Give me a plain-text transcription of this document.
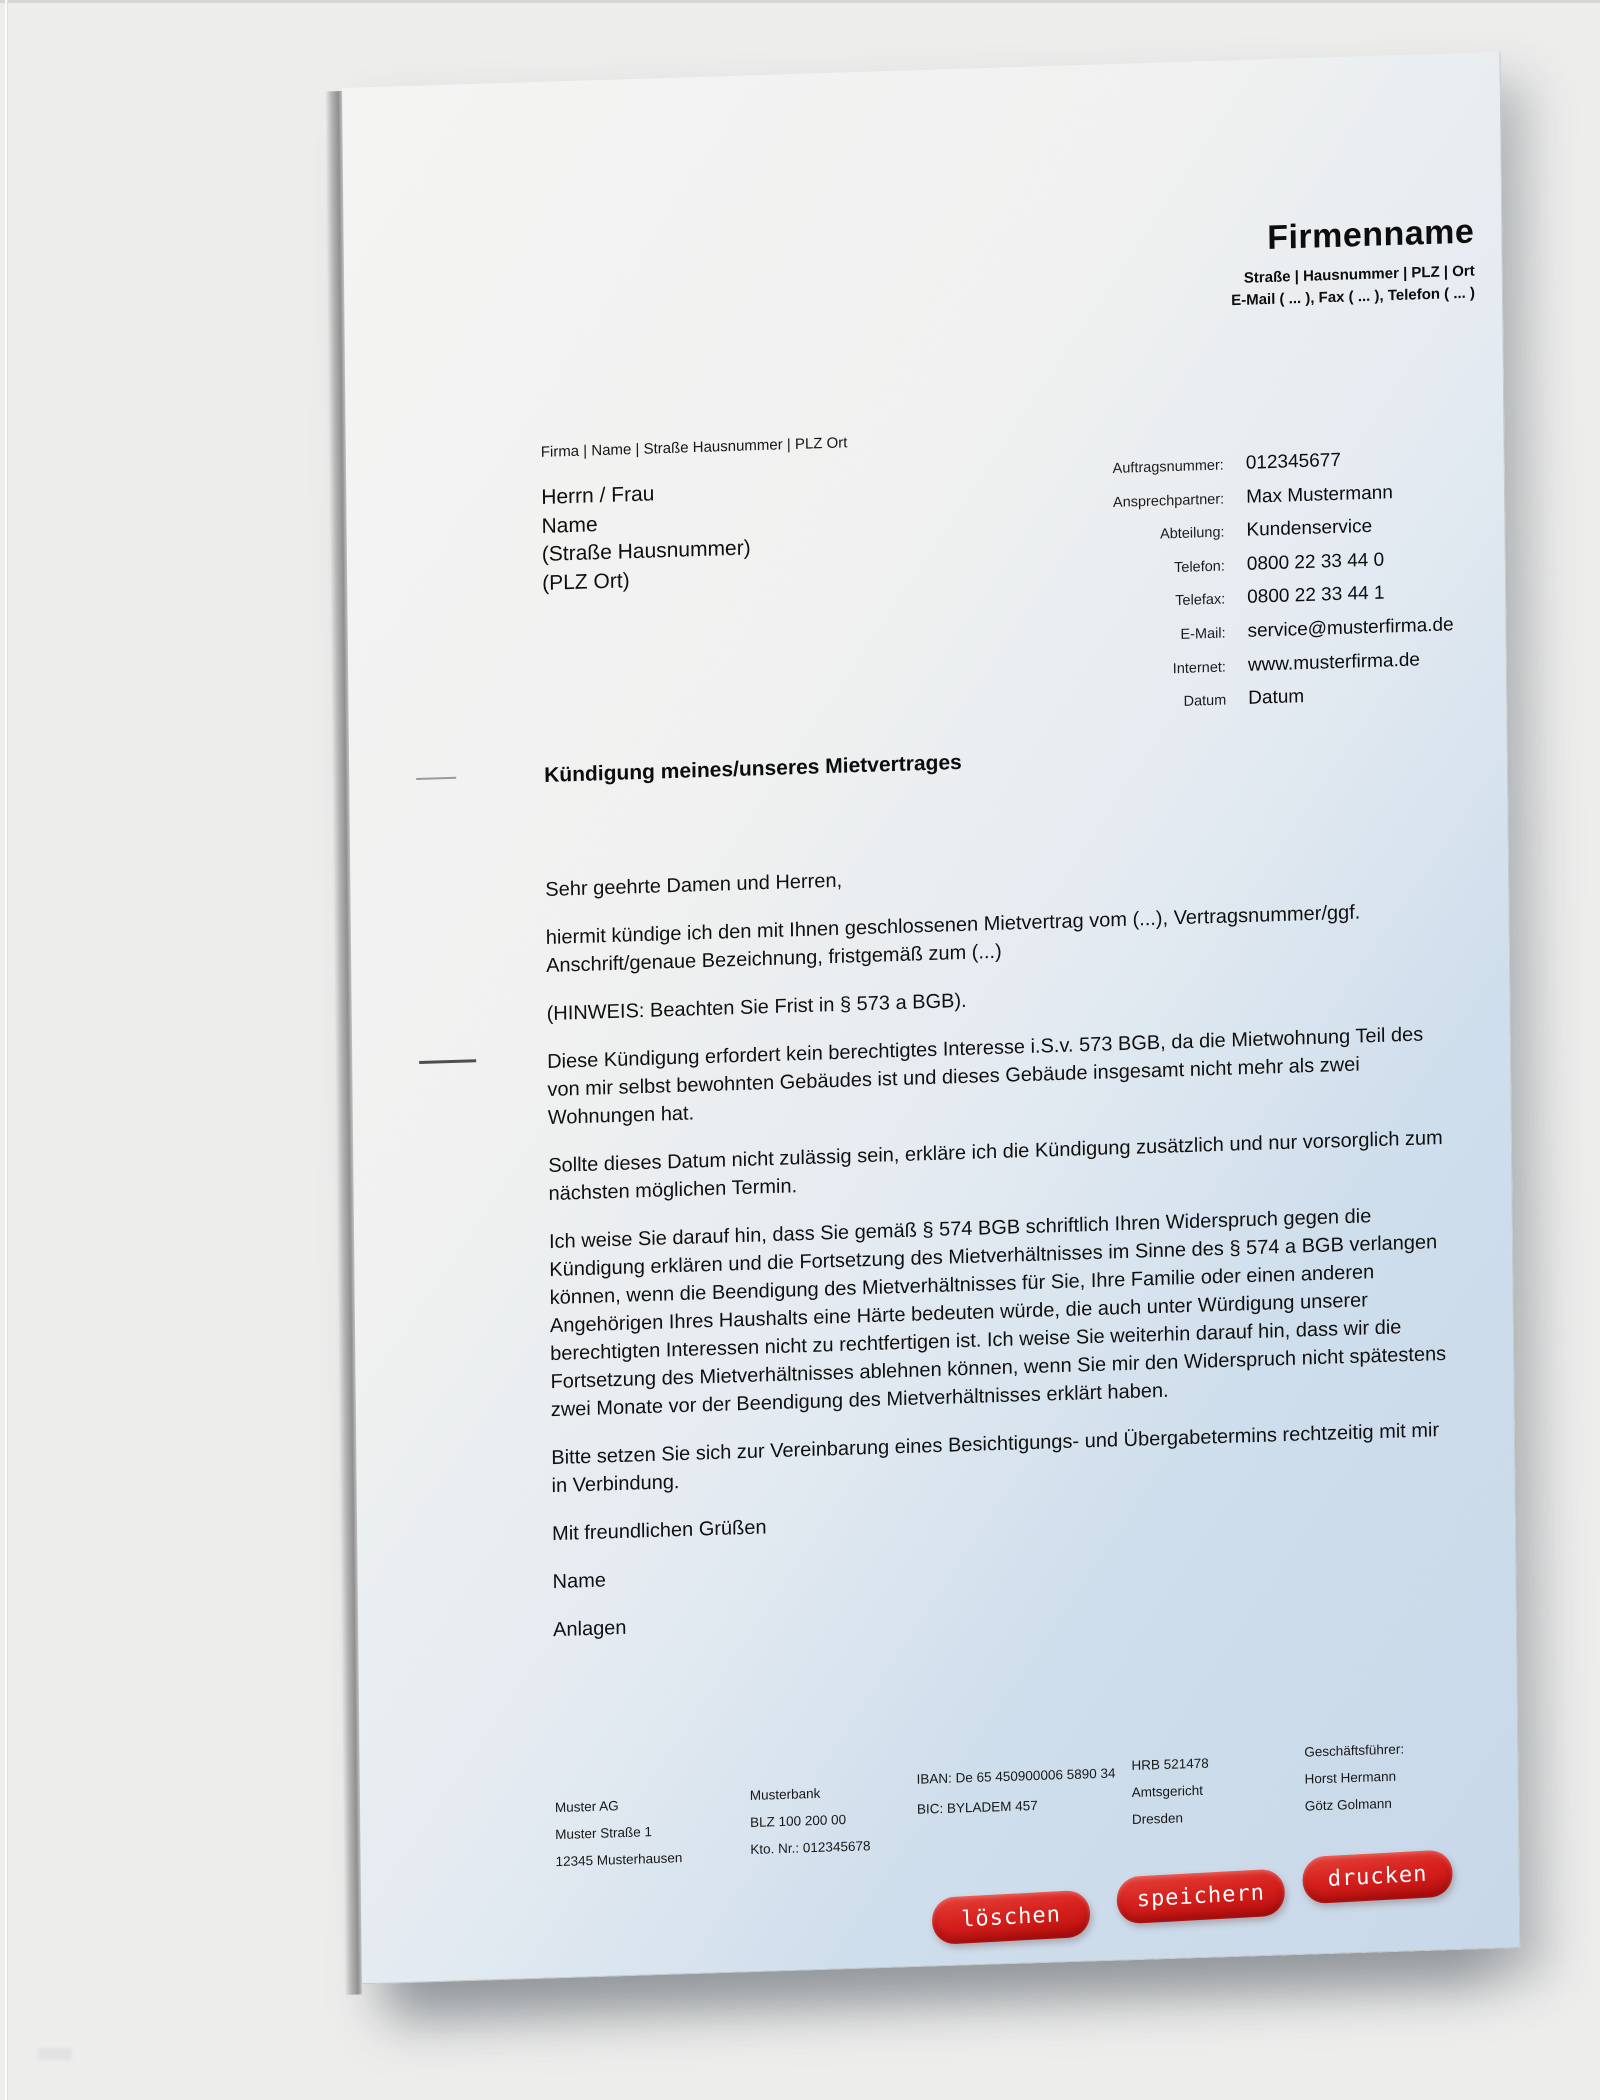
Firmenname
Straße | Hausnummer | PLZ | Ort
E-Mail ( ... ), Fax ( ... ), Telefon ( ... )
Firma | Name | Straße Hausnummer | PLZ Ort
Herrn / Frau
Name
(Straße Hausnummer)
(PLZ Ort)
Auftragsnummer: 012345677
Ansprechpartner: Max Mustermann
Abteilung: Kundenservice
Telefon: 0800 22 33 44 0
Telefax: 0800 22 33 44 1
E-Mail: service@musterfirma.de
Internet: www.musterfirma.de
Datum Datum
Kündigung meines/unseres Mietvertrages

Sehr geehrte Damen und Herren,

hiermit kündige ich den mit Ihnen geschlossenen Mietvertrag vom (...), Vertragsnummer/ggf. Anschrift/genaue Bezeichnung, fristgemäß zum (...)

(HINWEIS: Beachten Sie Frist in § 573 a BGB).

Diese Kündigung erfordert kein berechtigtes Interesse i.S.v. 573 BGB, da die Mietwohnung Teil des von mir selbst bewohnten Gebäudes ist und dieses Gebäude insgesamt nicht mehr als zwei Wohnungen hat.

Sollte dieses Datum nicht zulässig sein, erkläre ich die Kündigung zusätzlich und nur vorsorglich zum nächsten möglichen Termin.

Ich weise Sie darauf hin, dass Sie gemäß § 574 BGB schriftlich Ihren Widerspruch gegen die Kündigung erklären und die Fortsetzung des Mietverhältnisses im Sinne des § 574 a BGB verlangen können, wenn die Beendigung des Mietverhältnisses für Sie, Ihre Familie oder einen anderen Angehörigen Ihres Haushalts eine Härte bedeuten würde, die auch unter Würdigung unserer berechtigten Interessen nicht zu rechtfertigen ist. Ich weise Sie weiterhin darauf hin, dass wir die Fortsetzung des Mietverhältnisses ablehnen können, wenn Sie mir den Widerspruch nicht spätestens zwei Monate vor der Beendigung des Mietverhältnisses erklärt haben.

Bitte setzen Sie sich zur Vereinbarung eines Besichtigungs- und Übergabetermins rechtzeitig mit mir in Verbindung.

Mit freundlichen Grüßen

Name

Anlagen

Muster AG
Muster Straße 1
12345 Musterhausen
Musterbank
BLZ 100 200 00
Kto. Nr.: 012345678
IBAN: De 65 450900006 5890 34
BIC: BYLADEM 457
HRB 521478
Amtsgericht
Dresden
Geschäftsführer:
Horst Hermann
Götz Golmann
löschen
speichern
drucken
